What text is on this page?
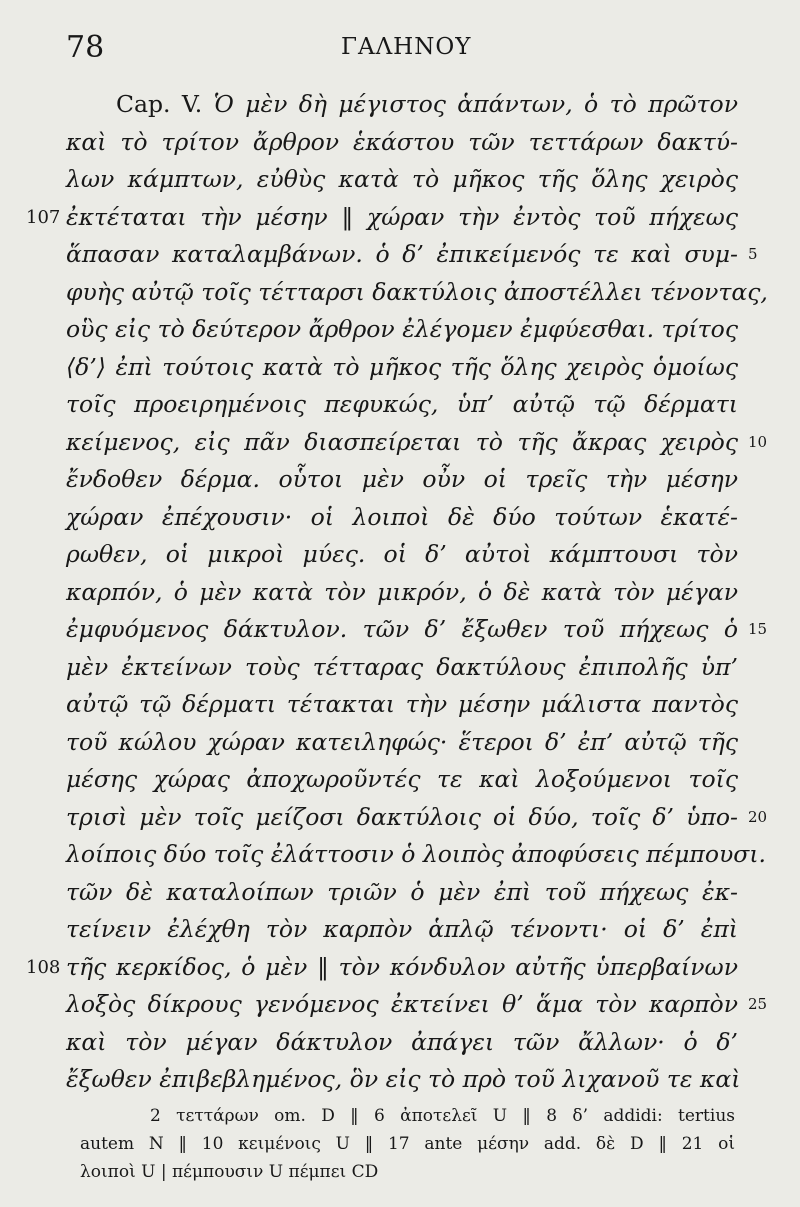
78	ΓΑΛΗΝΟΥ
Cap. V. Ὁ μὲν δὴ μέγιστος ἁπάντων, ὁ τὸ πρῶτον
καὶ τὸ τρίτον ἄρθρον ἑκάστου τῶν τεττάρων δακτύ-
λων κάμπτων, εὐθὺς κατὰ τὸ μῆκος τῆς ὅλης χειρὸς
ἐκτέταται τὴν μέσην ‖ χώραν τὴν ἐντὸς τοῦ πήχεως
107
ἅπασαν καταλαμβάνων. ὁ δ’ ἐπικείμενός τε καὶ συμ- 5
φυὴς αὐτῷ τοῖς τέτταρσι δακτύλοις ἀποστέλλει τένοντας,
οὓς εἰς τὸ δεύτερον ἄρθρον ἐλέγομεν ἐμφύεσθαι. τρίτος
⟨δ’⟩ ἐπὶ τούτοις κατὰ τὸ μῆκος τῆς ὅλης χειρὸς ὁμοίως
τοῖς προειρημένοις πεφυκώς, ὑπ’ αὐτῷ τῷ δέρματι
κείμενος, εἰς πᾶν διασπείρεται τὸ τῆς ἄκρας χειρὸς 10
ἔνδοθεν δέρμα. οὗτοι μὲν οὖν οἱ τρεῖς τὴν μέσην
χώραν ἐπέχουσιν· οἱ λοιποὶ δὲ δύο τούτων ἑκατέ-
ρωθεν, οἱ μικροὶ μύες. οἱ δ’ αὐτοὶ κάμπτουσι τὸν
καρπόν, ὁ μὲν κατὰ τὸν μικρόν, ὁ δὲ κατὰ τὸν μέγαν
ἐμφυόμενος δάκτυλον. τῶν δ’ ἔξωθεν τοῦ πήχεως ὁ 15
μὲν ἐκτείνων τοὺς τέτταρας δακτύλους ἐπιπολῆς ὑπ’
αὐτῷ τῷ δέρματι τέτακται τὴν μέσην μάλιστα παντὸς
τοῦ κώλου χώραν κατειληφώς· ἕτεροι δ’ ἐπ’ αὐτῷ τῆς
μέσης χώρας ἀποχωροῦντές τε καὶ λοξούμενοι τοῖς
τρισὶ μὲν τοῖς μείζοσι δακτύλοις οἱ δύο, τοῖς δ’ ὑπο- 20
λοίποις δύο τοῖς ἐλάττοσιν ὁ λοιπὸς ἀποφύσεις πέμπουσι.
τῶν δὲ καταλοίπων τριῶν ὁ μὲν ἐπὶ τοῦ πήχεως ἐκ-
τείνειν ἐλέχθη τὸν καρπὸν ἁπλῷ τένοντι· οἱ δ’ ἐπὶ
τῆς κερκίδος, ὁ μὲν ‖ τὸν κόνδυλον αὐτῆς ὑπερβαίνων
108
λοξὸς δίκρους γενόμενος ἐκτείνει θ’ ἅμα τὸν καρπὸν 25
καὶ τὸν μέγαν δάκτυλον ἀπάγει τῶν ἄλλων· ὁ δ’
ἔξωθεν ἐπιβεβλημένος, ὃν εἰς τὸ πρὸ τοῦ λιχανοῦ τε καὶ
2 τεττάρων om. D ‖ 6 ἀποτελεῖ U ‖ 8 δ’ addidi: tertius
autem N ‖ 10 κειμένοις U ‖ 17 ante μέσην add. δὲ D ‖ 21 οἱ
λοιποὶ U | πέμπουσιν U πέμπει CD
